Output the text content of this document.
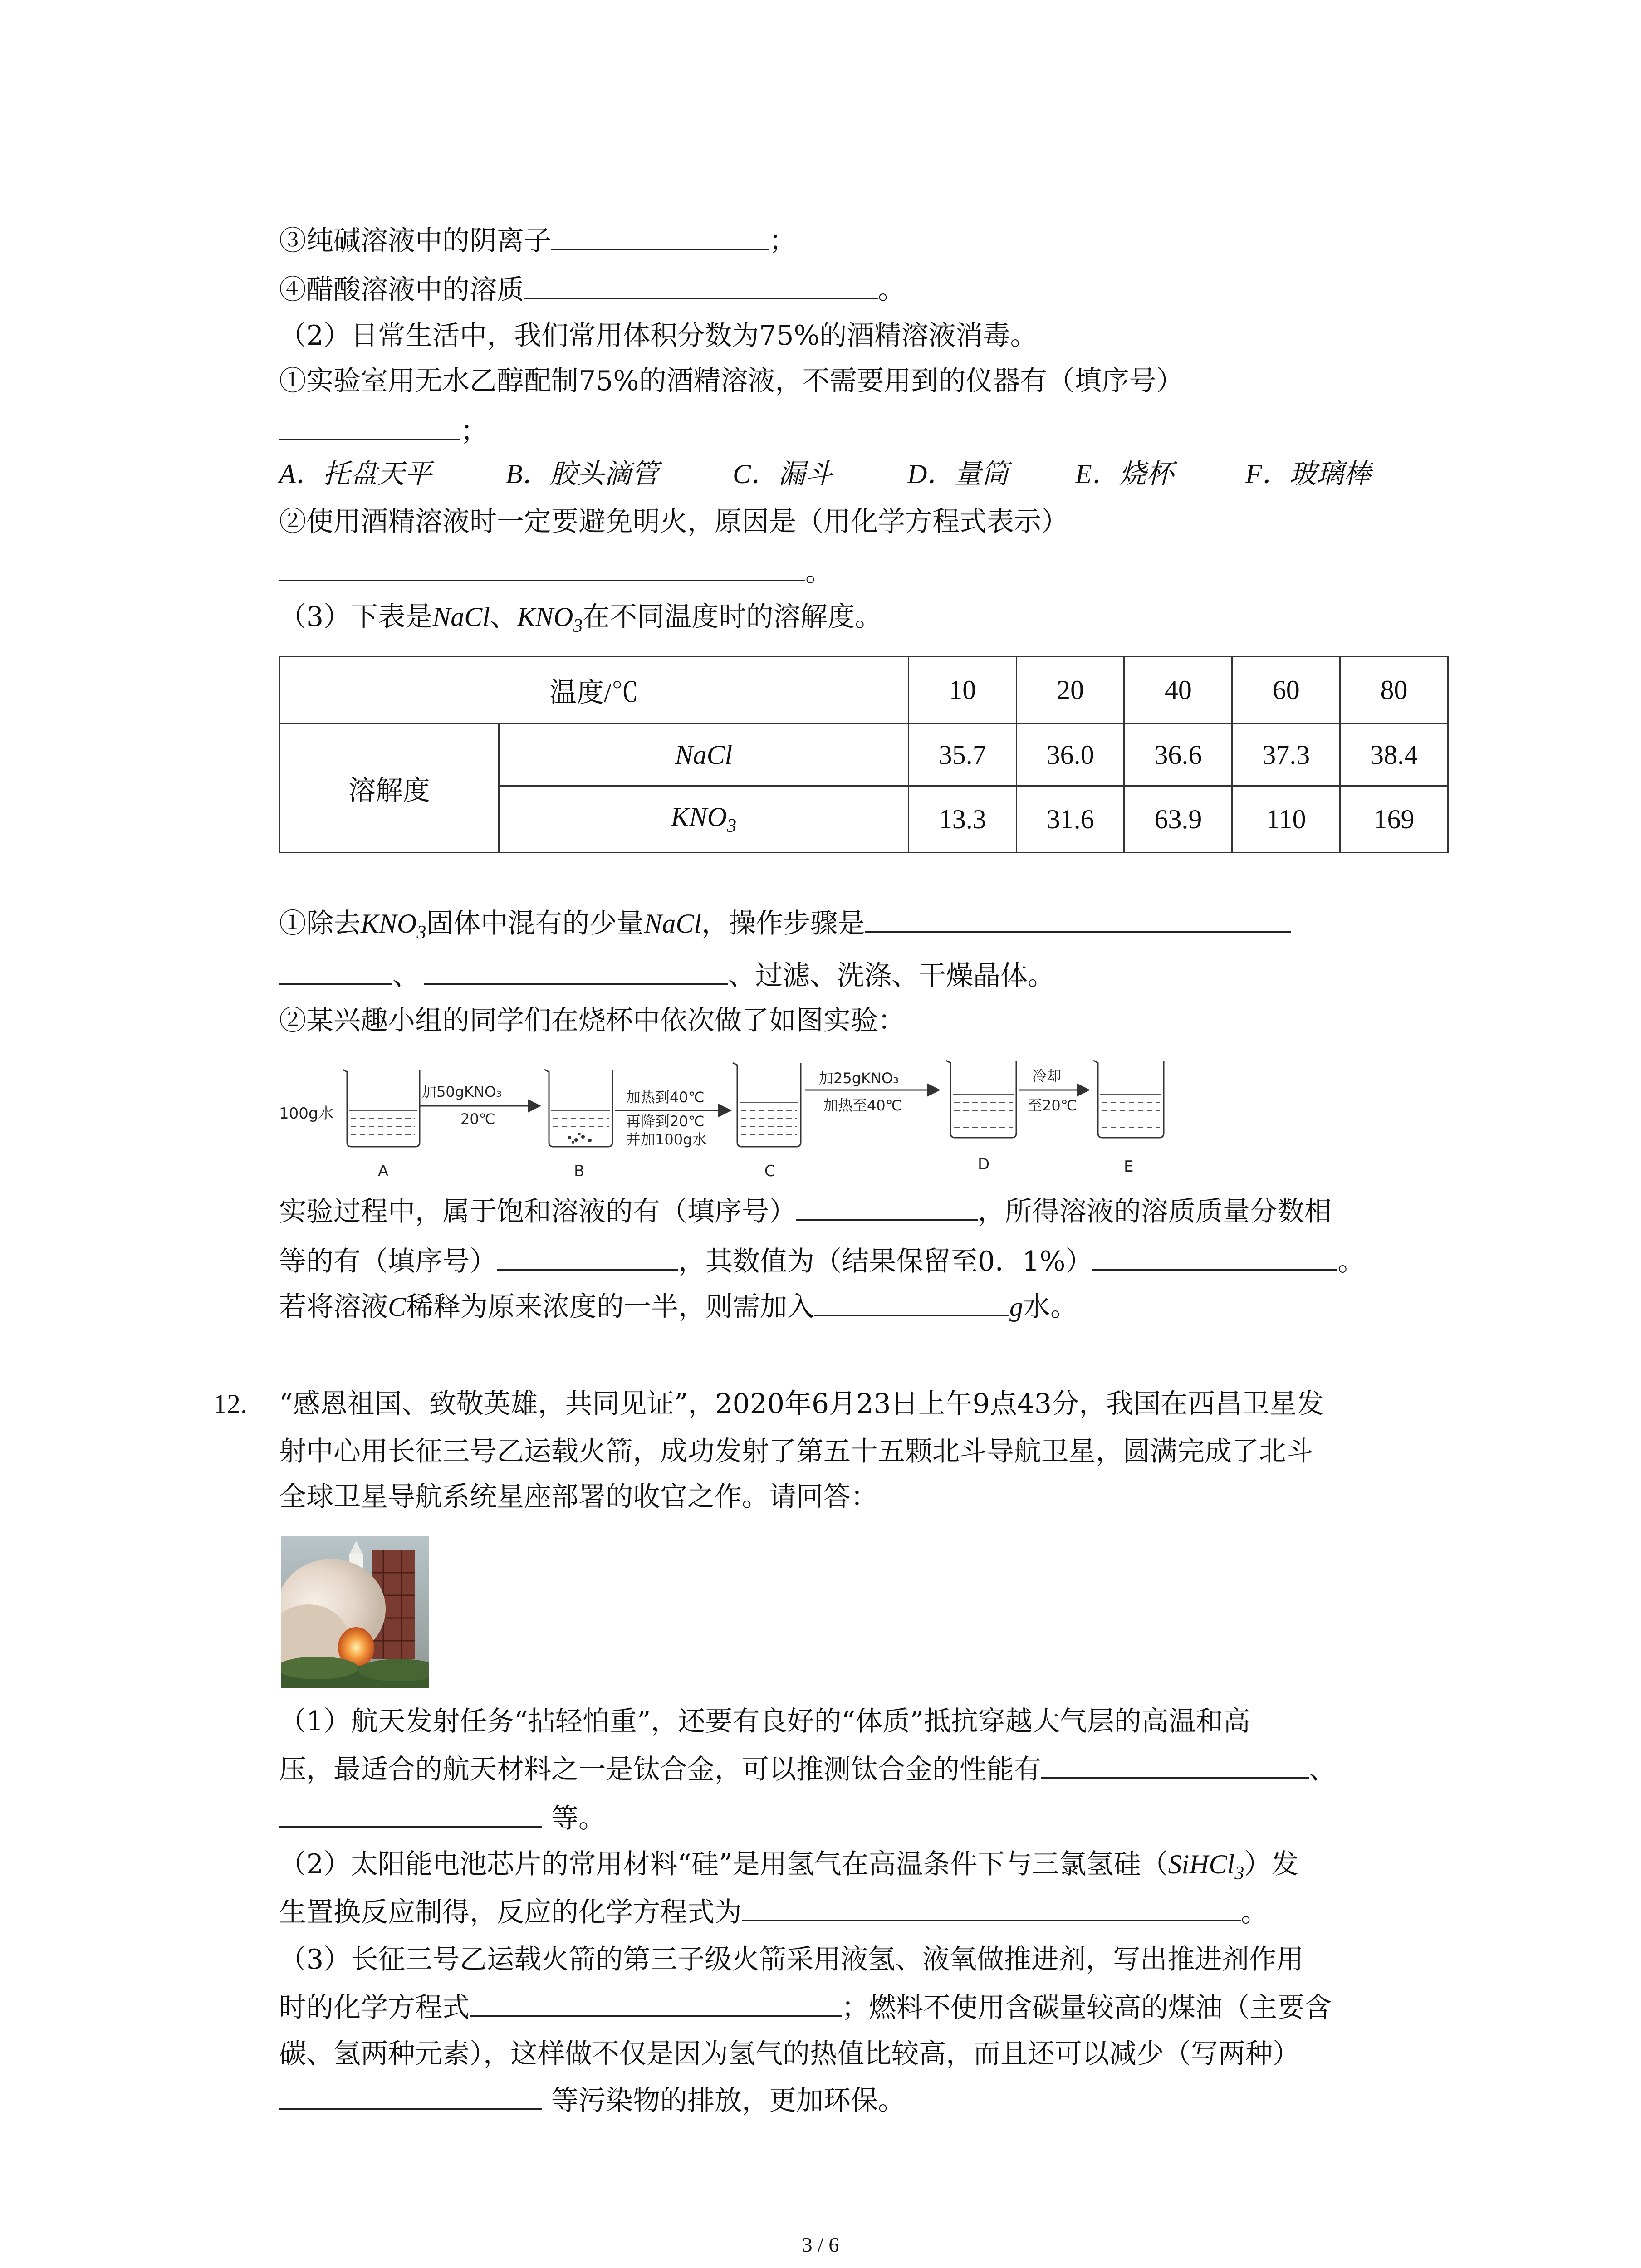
③纯碱溶液中的阴离子	；
④醋酸溶液中的溶质	。
（2）日常生活中，我们常用体积分数为75%的酒精溶液消毒。
①实验室用无水乙醇配制75%的酒精溶液，不需要用到的仪器有（填序号）
；
A．托盘天平	B．胶头滴管	C．漏斗	D．量筒 E．烧杯	F．玻璃棒
②使用酒精溶液时一定要避免明火，原因是（用化学方程式表示）
。
（3）下表是NaCl、$KNO_3$在不同温度时的溶解度。
温度/℃		10	20	40	60	80
溶解度	NaCl	35.7	36.0	36.6	37.3	38.4
	$KNO_3$	13.3	31.6	63.9	110	169
①除去$KNO_3$固体中混有的少量NaCl，操作步骤是
、	、过滤、洗涤、干燥晶体。
②某兴趣小组的同学们在烧杯中依次做了如图实验：
100g水
A
加50gKNO₃
20℃
B
加热到40℃
再降到20℃
并加100g水
C
加25gKNO₃
加热至40℃
D
冷却
至20℃
E
实验过程中，属于饱和溶液的有（填序号）	，所得溶液的溶质质量分数相
等的有（填序号）	，其数值为（结果保留至0．1%）	。
若将溶液C稀释为原来浓度的一半，则需加入	g水。
12. “感恩祖国、致敬英雄，共同见证”，2020年6月23日上午9点43分，我国在西昌卫星发
射中心用长征三号乙运载火箭，成功发射了第五十五颗北斗导航卫星，圆满完成了北斗
全球卫星导航系统星座部署的收官之作。请回答：
（1）航天发射任务“拈轻怕重”，还要有良好的“体质”抵抗穿越大气层的高温和高
压，最适合的航天材料之一是钛合金，可以推测钛合金的性能有	、
等。
（2）太阳能电池芯片的常用材料“硅”是用氢气在高温条件下与三氯氢硅（SiHCl$_3$）发
生置换反应制得，反应的化学方程式为	。
（3）长征三号乙运载火箭的第三子级火箭采用液氢、液氧做推进剂，写出推进剂作用
时的化学方程式	；燃料不使用含碳量较高的煤油（主要含
碳、氢两种元素），这样做不仅是因为氢气的热值比较高，而且还可以减少（写两种）
等污染物的排放，更加环保。
3 / 6
